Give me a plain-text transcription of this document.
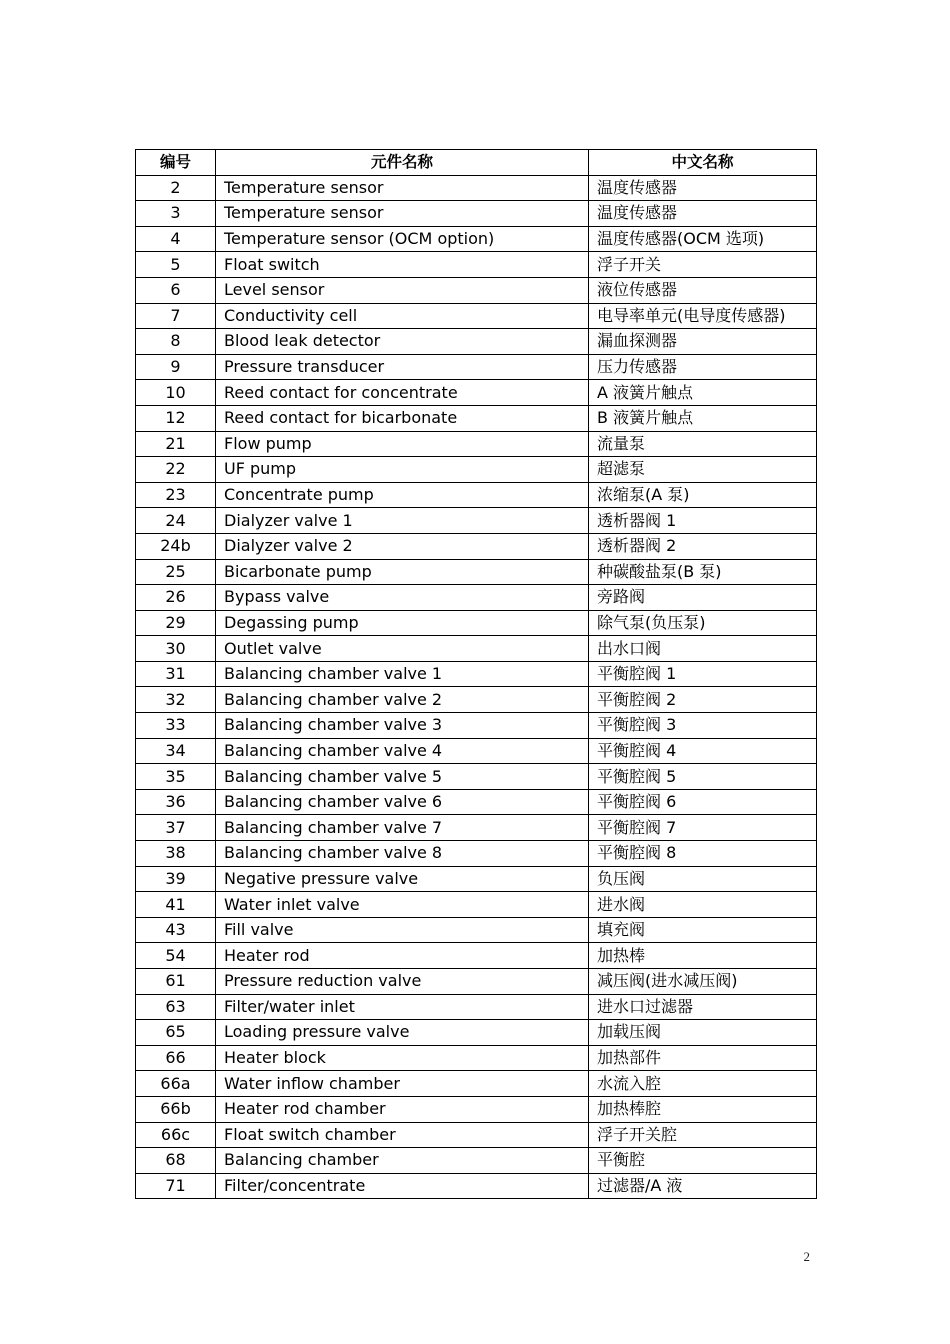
编号	元件名称	中文名称
2	Temperature sensor	温度传感器
3	Temperature sensor	温度传感器
4	Temperature sensor (OCM option)	温度传感器(OCM 选项)
5	Float switch	浮子开关
6	Level sensor	液位传感器
7	Conductivity cell	电导率单元(电导度传感器)
8	Blood leak detector	漏血探测器
9	Pressure transducer	压力传感器
10	Reed contact for concentrate	A 液簧片触点
12	Reed contact for bicarbonate	B 液簧片触点
21	Flow pump	流量泵
22	UF pump	超滤泵
23	Concentrate pump	浓缩泵(A 泵)
24	Dialyzer valve 1	透析器阀 1
24b	Dialyzer valve 2	透析器阀 2
25	Bicarbonate pump	种碳酸盐泵(B 泵)
26	Bypass valve	旁路阀
29	Degassing pump	除气泵(负压泵)
30	Outlet valve	出水口阀
31	Balancing chamber valve 1	平衡腔阀 1
32	Balancing chamber valve 2	平衡腔阀 2
33	Balancing chamber valve 3	平衡腔阀 3
34	Balancing chamber valve 4	平衡腔阀 4
35	Balancing chamber valve 5	平衡腔阀 5
36	Balancing chamber valve 6	平衡腔阀 6
37	Balancing chamber valve 7	平衡腔阀 7
38	Balancing chamber valve 8	平衡腔阀 8
39	Negative pressure valve	负压阀
41	Water inlet valve	进水阀
43	Fill valve	填充阀
54	Heater rod	加热棒
61	Pressure reduction valve	减压阀(进水减压阀)
63	Filter/water inlet	进水口过滤器
65	Loading pressure valve	加载压阀
66	Heater block	加热部件
66a	Water inflow chamber	水流入腔
66b	Heater rod chamber	加热棒腔
66c	Float switch chamber	浮子开关腔
68	Balancing chamber	平衡腔
71	Filter/concentrate	过滤器/A 液
2
